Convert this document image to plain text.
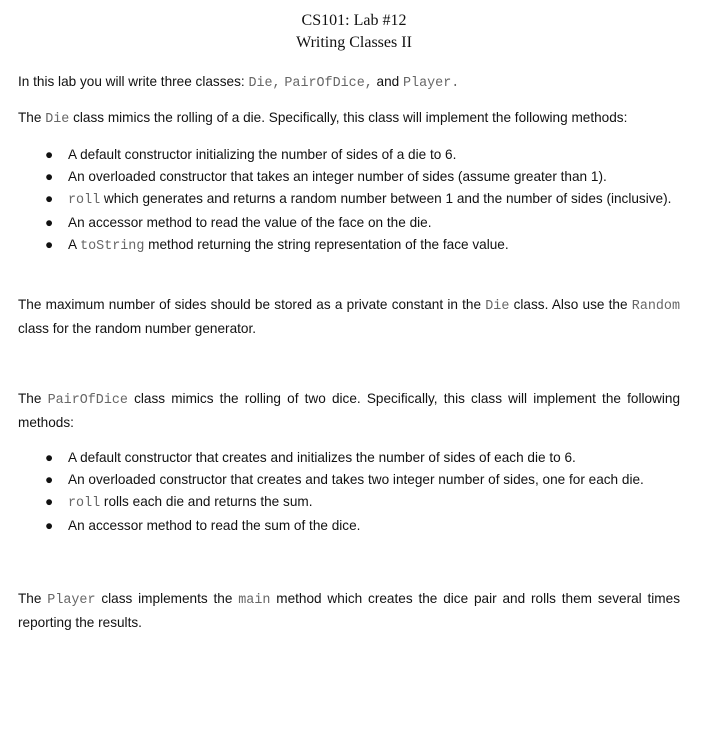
CS101: Lab #12
Writing Classes II

In this lab you will write three classes: Die, PairOfDice, and Player.

The Die class mimics the rolling of a die. Specifically, this class will implement the following methods:

● A default constructor initializing the number of sides of a die to 6.
● An overloaded constructor that takes an integer number of sides (assume greater than 1).
● roll which generates and returns a random number between 1 and the number of sides (inclusive).
● An accessor method to read the value of the face on the die.
● A toString method returning the string representation of the face value.

The maximum number of sides should be stored as a private constant in the Die class. Also use the Random class for the random number generator.

The PairOfDice class mimics the rolling of two dice. Specifically, this class will implement the following methods:

● A default constructor that creates and initializes the number of sides of each die to 6.
● An overloaded constructor that creates and takes two integer number of sides, one for each die.
● roll rolls each die and returns the sum.
● An accessor method to read the sum of the dice.

The Player class implements the main method which creates the dice pair and rolls them several times reporting the results.
